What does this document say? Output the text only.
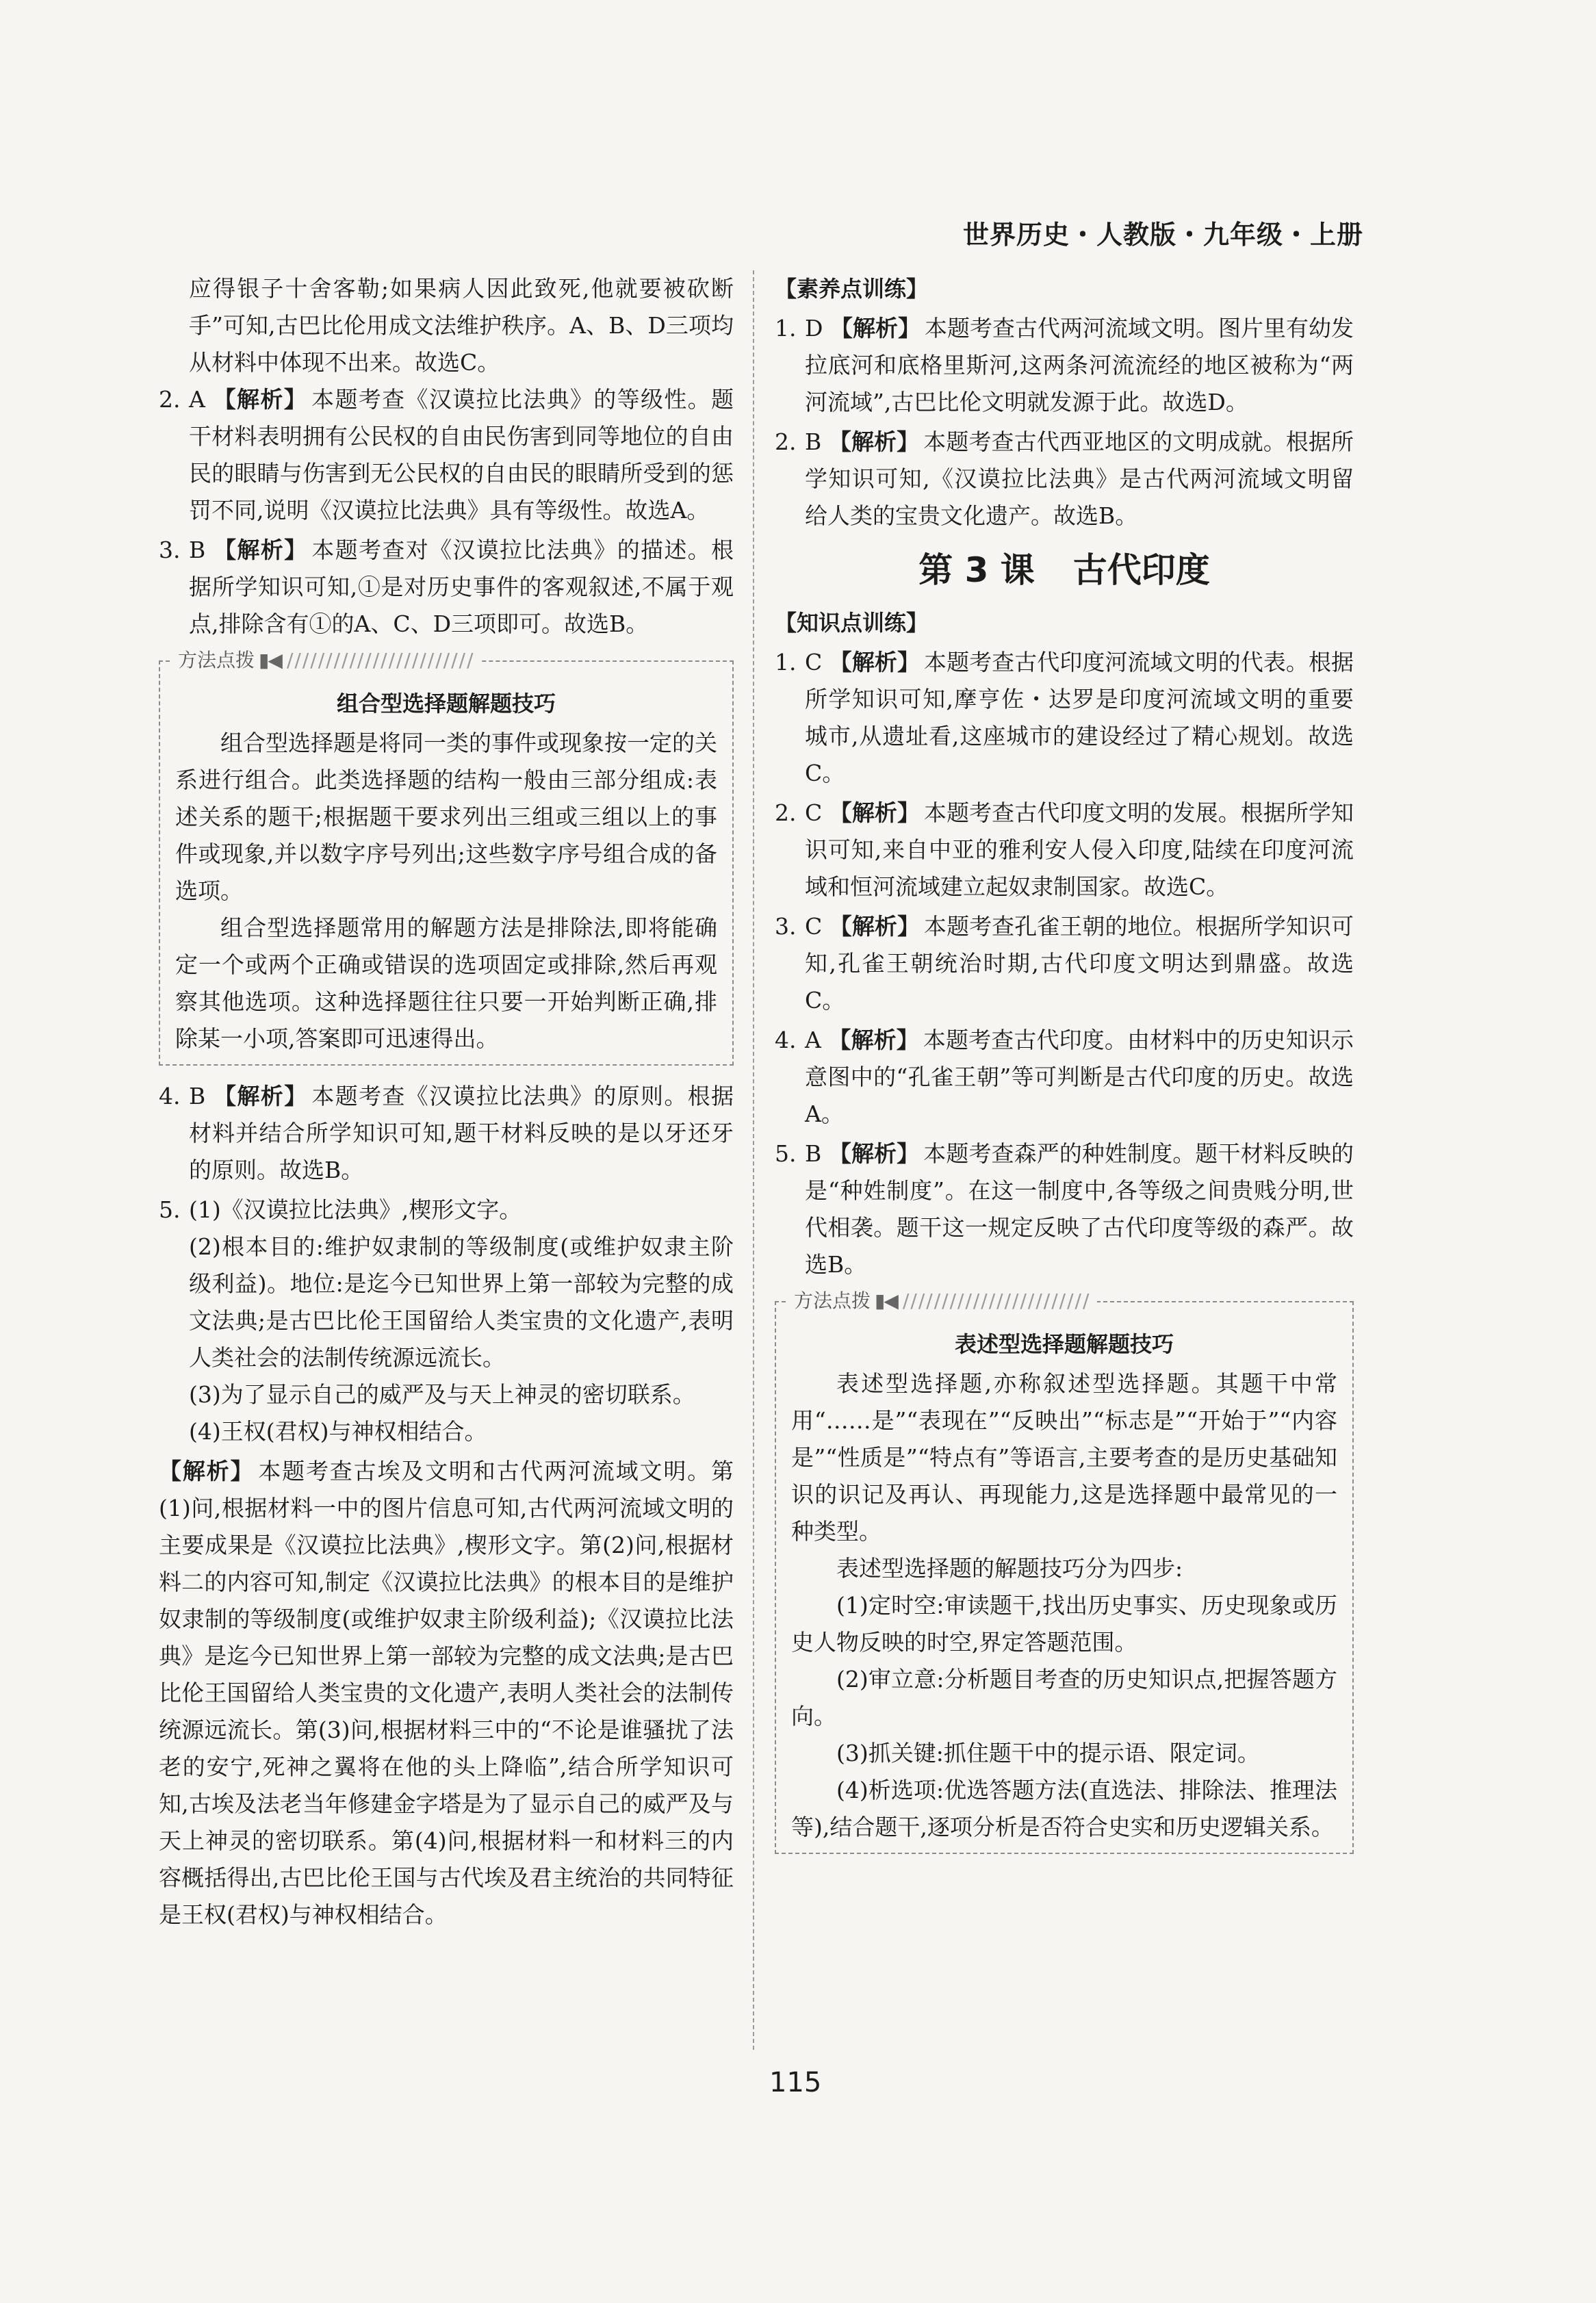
世界历史・人教版・九年级・上册
应得银子十舍客勒;如果病人因此致死,他就要被砍断手”可知,古巴比伦用成文法维护秩序。A、B、D三项均从材料中体现不出来。故选C。
2. A 【解析】 本题考查《汉谟拉比法典》的等级性。题干材料表明拥有公民权的自由民伤害到同等地位的自由民的眼睛与伤害到无公民权的自由民的眼睛所受到的惩罚不同,说明《汉谟拉比法典》具有等级性。故选A。
3. B 【解析】 本题考查对《汉谟拉比法典》的描述。根据所学知识可知,①是对历史事件的客观叙述,不属于观点,排除含有①的A、C、D三项即可。故选B。
方法点拨 ▮◀ ////////////////////////
组合型选择题解题技巧
组合型选择题是将同一类的事件或现象按一定的关系进行组合。此类选择题的结构一般由三部分组成:表述关系的题干;根据题干要求列出三组或三组以上的事件或现象,并以数字序号列出;这些数字序号组合成的备选项。
组合型选择题常用的解题方法是排除法,即将能确定一个或两个正确或错误的选项固定或排除,然后再观察其他选项。这种选择题往往只要一开始判断正确,排除某一小项,答案即可迅速得出。
4. B 【解析】 本题考查《汉谟拉比法典》的原则。根据材料并结合所学知识可知,题干材料反映的是以牙还牙的原则。故选B。
5. (1)《汉谟拉比法典》,楔形文字。
(2)根本目的:维护奴隶制的等级制度(或维护奴隶主阶级利益)。地位:是迄今已知世界上第一部较为完整的成文法典;是古巴比伦王国留给人类宝贵的文化遗产,表明人类社会的法制传统源远流长。
(3)为了显示自己的威严及与天上神灵的密切联系。
(4)王权(君权)与神权相结合。
【解析】 本题考查古埃及文明和古代两河流域文明。第(1)问,根据材料一中的图片信息可知,古代两河流域文明的主要成果是《汉谟拉比法典》,楔形文字。第(2)问,根据材料二的内容可知,制定《汉谟拉比法典》的根本目的是维护奴隶制的等级制度(或维护奴隶主阶级利益);《汉谟拉比法典》是迄今已知世界上第一部较为完整的成文法典;是古巴比伦王国留给人类宝贵的文化遗产,表明人类社会的法制传统源远流长。第(3)问,根据材料三中的“不论是谁骚扰了法老的安宁,死神之翼将在他的头上降临”,结合所学知识可知,古埃及法老当年修建金字塔是为了显示自己的威严及与天上神灵的密切联系。第(4)问,根据材料一和材料三的内容概括得出,古巴比伦王国与古代埃及君主统治的共同特征是王权(君权)与神权相结合。
【素养点训练】
1. D 【解析】 本题考查古代两河流域文明。图片里有幼发拉底河和底格里斯河,这两条河流流经的地区被称为“两河流域”,古巴比伦文明就发源于此。故选D。
2. B 【解析】 本题考查古代西亚地区的文明成就。根据所学知识可知,《汉谟拉比法典》是古代两河流域文明留给人类的宝贵文化遗产。故选B。
第 3 课 古代印度
【知识点训练】
1. C 【解析】 本题考查古代印度河流域文明的代表。根据所学知识可知,摩亨佐・达罗是印度河流域文明的重要城市,从遗址看,这座城市的建设经过了精心规划。故选C。
2. C 【解析】 本题考查古代印度文明的发展。根据所学知识可知,来自中亚的雅利安人侵入印度,陆续在印度河流域和恒河流域建立起奴隶制国家。故选C。
3. C 【解析】 本题考查孔雀王朝的地位。根据所学知识可知,孔雀王朝统治时期,古代印度文明达到鼎盛。故选C。
4. A 【解析】 本题考查古代印度。由材料中的历史知识示意图中的“孔雀王朝”等可判断是古代印度的历史。故选A。
5. B 【解析】 本题考查森严的种姓制度。题干材料反映的是“种姓制度”。在这一制度中,各等级之间贵贱分明,世代相袭。题干这一规定反映了古代印度等级的森严。故选B。
方法点拨 ▮◀ ////////////////////////
表述型选择题解题技巧
表述型选择题,亦称叙述型选择题。其题干中常用“……是”“表现在”“反映出”“标志是”“开始于”“内容是”“性质是”“特点有”等语言,主要考查的是历史基础知识的识记及再认、再现能力,这是选择题中最常见的一种类型。
表述型选择题的解题技巧分为四步:
(1)定时空:审读题干,找出历史事实、历史现象或历史人物反映的时空,界定答题范围。
(2)审立意:分析题目考查的历史知识点,把握答题方向。
(3)抓关键:抓住题干中的提示语、限定词。
(4)析选项:优选答题方法(直选法、排除法、推理法等),结合题干,逐项分析是否符合史实和历史逻辑关系。
115
